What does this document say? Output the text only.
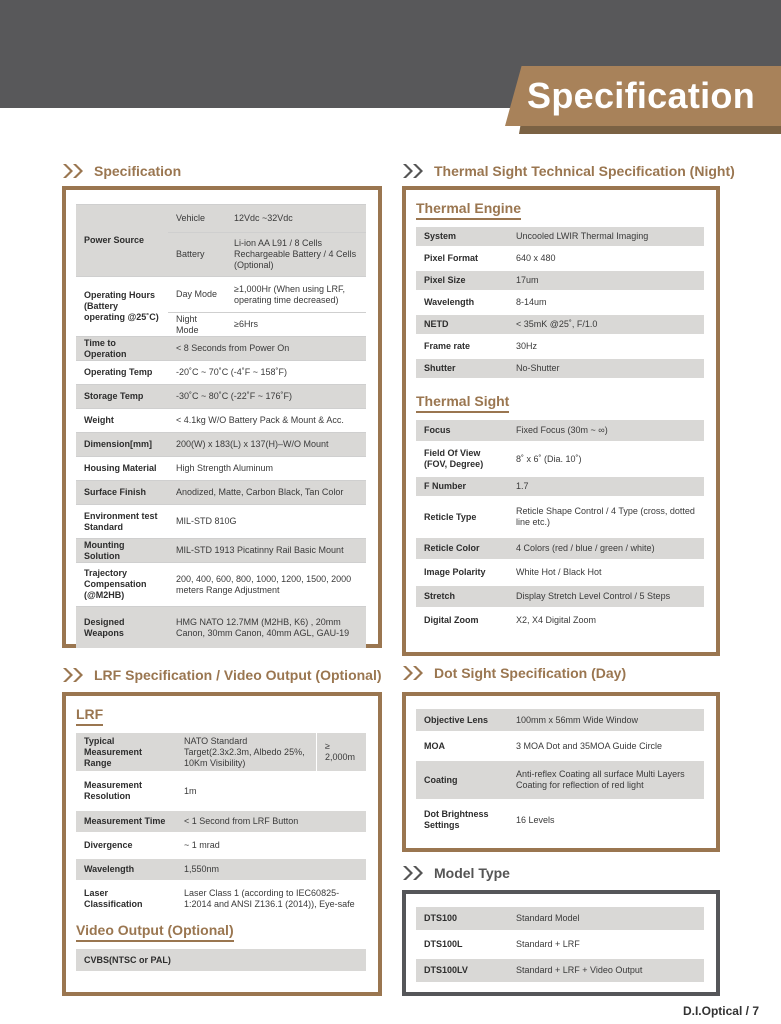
Specification
Specification	Thermal Sight Technical Specification (Night)
LRF Specification / Video Output (Optional)	Dot Sight Specification (Day)
Model Type
Power Source	Vehicle	12Vdc ~32Vdc
	Battery	Li-ion AA L91 / 8 Cells Rechargeable Battery / 4 Cells (Optional)
Operating Hours (Battery operating @25˚C)	Day Mode	≥1,000Hr (When using LRF, operating time decreased)
	Night Mode	≥6Hrs
Time to Operation	< 8 Seconds from Power On	
Operating Temp	-20˚C ~ 70˚C (-4˚F ~ 158˚F)	
Storage Temp	-30˚C ~ 80˚C (-22˚F ~ 176˚F)	
Weight	< 4.1kg W/O Battery Pack & Mount & Acc.	
Dimension[mm]	200(W) x 183(L) x 137(H)–W/O Mount	
Housing Material	High Strength Aluminum	
Surface Finish	Anodized, Matte, Carbon Black, Tan Color	
Environment test Standard	MIL-STD 810G	
Mounting Solution	MIL-STD 1913 Picatinny Rail Basic Mount	
Trajectory Compensation (@M2HB)	200, 400, 600, 800, 1000, 1200, 1500, 2000 meters Range Adjustment	
Designed Weapons	HMG NATO 12.7MM (M2HB, K6) , 20mm Canon, 30mm Canon, 40mm AGL, GAU-19	
Thermal Engine
System	Uncooled LWIR Thermal Imaging
Pixel Format	640 x 480
Pixel Size	17um
Wavelength	8-14um
NETD	< 35mK @25˚, F/1.0
Frame rate	30Hz
Shutter	No-Shutter
Thermal Sight
Focus	Fixed Focus (30m ~ ∞)
Field Of View (FOV, Degree)	8˚ x 6˚ (Dia. 10˚)
F Number	1.7
Reticle Type	Reticle Shape Control / 4 Type (cross, dotted line etc.)
Reticle Color	4 Colors (red / blue / green / white)
Image Polarity	White Hot / Black Hot
Stretch	Display Stretch Level Control / 5 Steps
Digital Zoom	X2, X4 Digital Zoom
LRF
Typical Measurement Range	NATO Standard Target(2.3x2.3m, Albedo 25%, 10Km Visibility)	≥ 2,000m
Measurement Resolution	1m	
Measurement Time	< 1 Second from LRF Button	
Divergence	~ 1 mrad	
Wavelength	1,550nm	
Laser Classification	Laser Class 1 (according to IEC60825-1:2014 and ANSI Z136.1 (2014)), Eye-safe	
Video Output (Optional)
CVBS(NTSC or PAL)
Objective Lens	100mm x 56mm Wide Window
MOA	3 MOA Dot and 35MOA Guide Circle
Coating	Anti-reflex Coating all surface Multi Layers Coating for reflection of red light
Dot Brightness Settings	16 Levels
DTS100	Standard Model
DTS100L	Standard + LRF
DTS100LV	Standard + LRF + Video Output
D.I.Optical / 7
